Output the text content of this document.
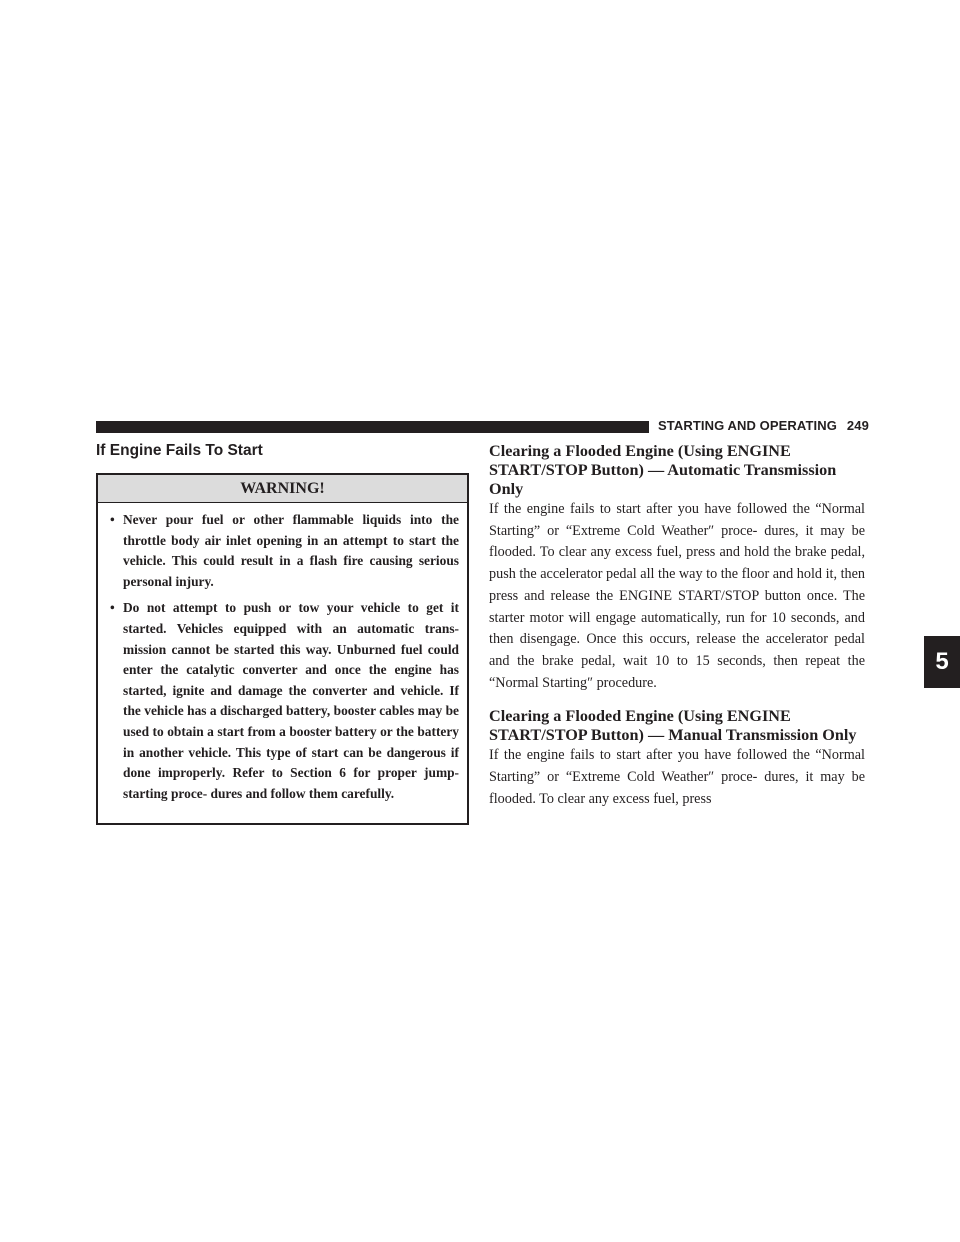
STARTING AND OPERATING 249
If Engine Fails To Start
WARNING!
• Never pour fuel or other flammable liquids into the throttle body air inlet opening in an attempt to start the vehicle. This could result in a flash fire causing serious personal injury.
• Do not attempt to push or tow your vehicle to get it started. Vehicles equipped with an automatic trans- mission cannot be started this way. Unburned fuel could enter the catalytic converter and once the engine has started, ignite and damage the converter and vehicle. If the vehicle has a discharged battery, booster cables may be used to obtain a start from a booster battery or the battery in another vehicle. This type of start can be dangerous if done improperly. Refer to Section 6 for proper jump-starting proce- dures and follow them carefully.
Clearing a Flooded Engine (Using ENGINE START/STOP Button) — Automatic Transmission Only

If the engine fails to start after you have followed the “Normal Starting” or “Extreme Cold Weather″ proce- dures, it may be flooded. To clear any excess fuel, press and hold the brake pedal, push the accelerator pedal all the way to the floor and hold it, then press and release the ENGINE START/STOP button once. The starter motor will engage automatically, run for 10 seconds, and then disengage. Once this occurs, release the accelerator pedal and the brake pedal, wait 10 to 15 seconds, then repeat the “Normal Starting″ procedure.

Clearing a Flooded Engine (Using ENGINE START/STOP Button) — Manual Transmission Only

If the engine fails to start after you have followed the “Normal Starting” or “Extreme Cold Weather″ proce- dures, it may be flooded. To clear any excess fuel, press

5
